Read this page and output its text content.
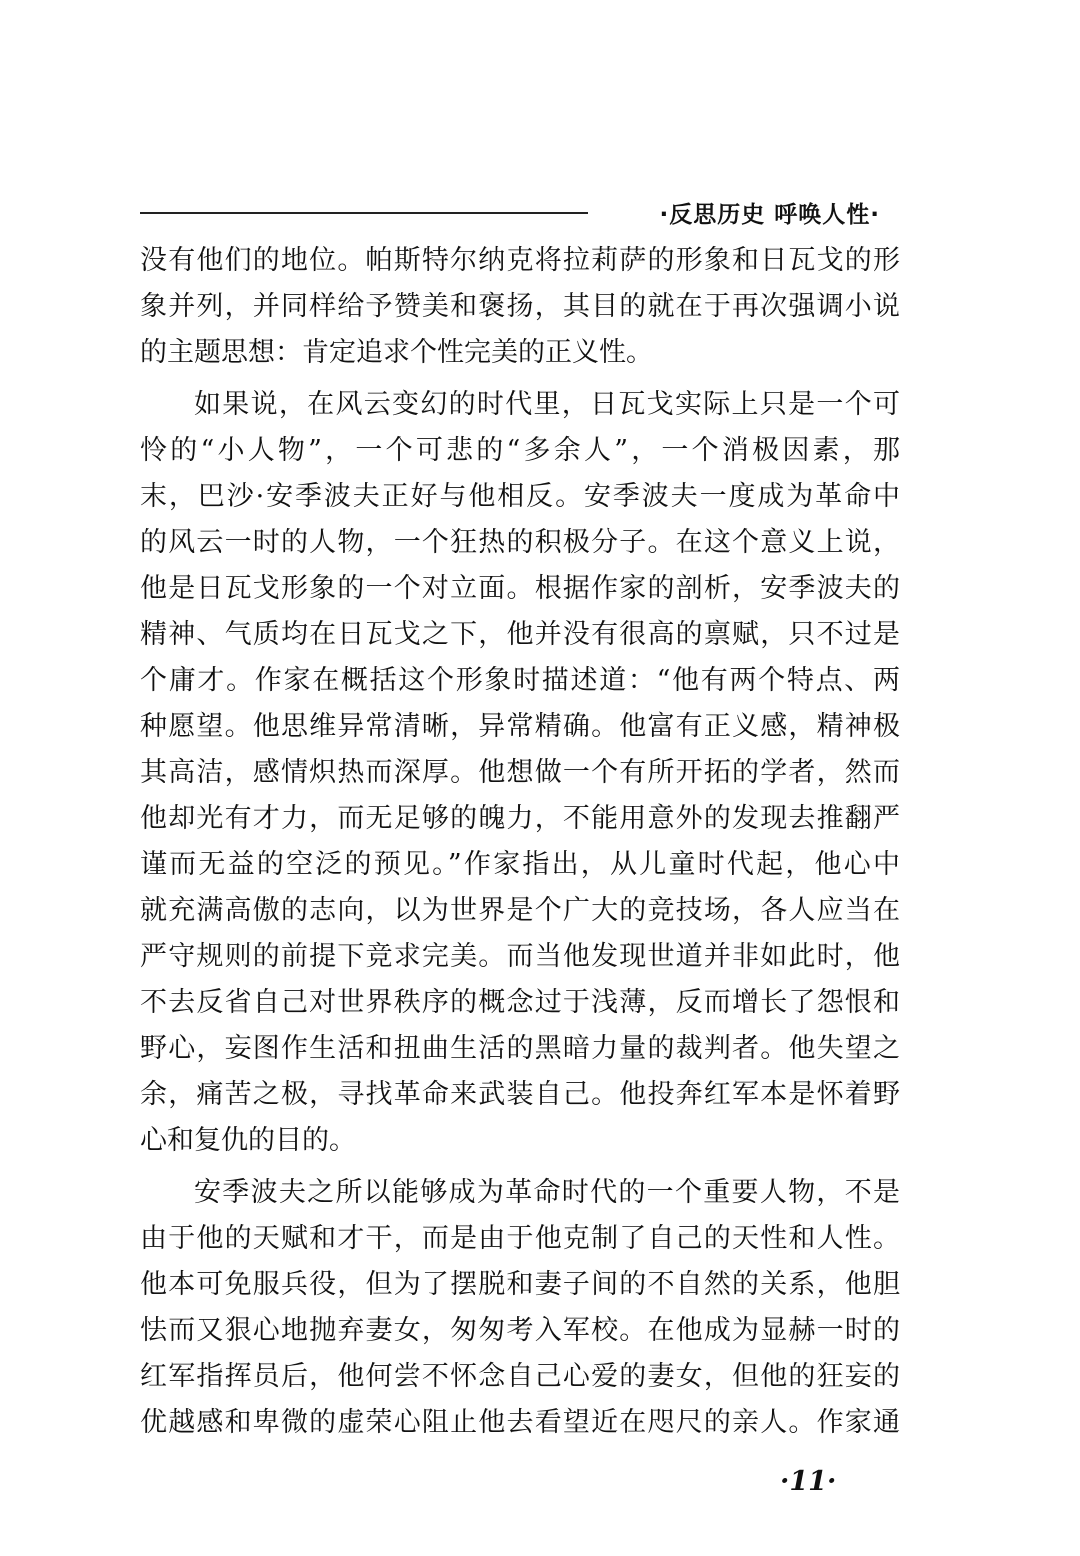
·反思历史 呼唤人性·
没有他们的地位。帕斯特尔纳克将拉莉萨的形象和日瓦戈的形
象并列，并同样给予赞美和褒扬，其目的就在于再次强调小说
的主题思想：肯定追求个性完美的正义性。
如果说，在风云变幻的时代里，日瓦戈实际上只是一个可
怜的“小人物”，一个可悲的“多余人”，一个消极因素，那
末，巴沙·安季波夫正好与他相反。安季波夫一度成为革命中
的风云一时的人物，一个狂热的积极分子。在这个意义上说，
他是日瓦戈形象的一个对立面。根据作家的剖析，安季波夫的
精神、气质均在日瓦戈之下，他并没有很高的禀赋，只不过是
个庸才。作家在概括这个形象时描述道：“他有两个特点、两
种愿望。他思维异常清晰，异常精确。他富有正义感，精神极
其高洁，感情炽热而深厚。他想做一个有所开拓的学者，然而
他却光有才力，而无足够的魄力，不能用意外的发现去推翻严
谨而无益的空泛的预见。”作家指出，从儿童时代起，他心中
就充满高傲的志向，以为世界是个广大的竞技场，各人应当在
严守规则的前提下竞求完美。而当他发现世道并非如此时，他
不去反省自己对世界秩序的概念过于浅薄，反而增长了怨恨和
野心，妄图作生活和扭曲生活的黑暗力量的裁判者。他失望之
余，痛苦之极，寻找革命来武装自己。他投奔红军本是怀着野
心和复仇的目的。
安季波夫之所以能够成为革命时代的一个重要人物，不是
由于他的天赋和才干，而是由于他克制了自己的天性和人性。
他本可免服兵役，但为了摆脱和妻子间的不自然的关系，他胆
怯而又狠心地抛弃妻女，匆匆考入军校。在他成为显赫一时的
红军指挥员后，他何尝不怀念自己心爱的妻女，但他的狂妄的
优越感和卑微的虚荣心阻止他去看望近在咫尺的亲人。作家通
·11·
